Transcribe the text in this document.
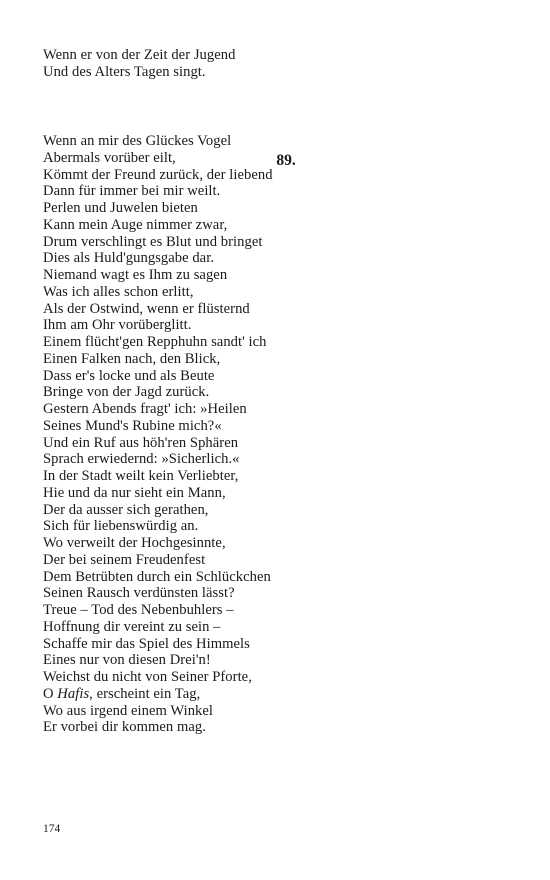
Wenn er von der Zeit der Jugend
Und des Alters Tagen singt.
89.
Wenn an mir des Glückes Vogel
Abermals vorüber eilt,
Kömmt der Freund zurück, der liebend
Dann für immer bei mir weilt.
Perlen und Juwelen bieten
Kann mein Auge nimmer zwar,
Drum verschlingt es Blut und bringet
Dies als Huld'gungsgabe dar.
Niemand wagt es Ihm zu sagen
Was ich alles schon erlitt,
Als der Ostwind, wenn er flüsternd
Ihm am Ohr vorüberglitt.
Einem flücht'gen Repphuhn sandt' ich
Einen Falken nach, den Blick,
Dass er's locke und als Beute
Bringe von der Jagd zurück.
Gestern Abends fragt' ich: »Heilen
Seines Mund's Rubine mich?«
Und ein Ruf aus höh'ren Sphären
Sprach erwiedernd: »Sicherlich.«
In der Stadt weilt kein Verliebter,
Hie und da nur sieht ein Mann,
Der da ausser sich gerathen,
Sich für liebenswürdig an.
Wo verweilt der Hochgesinnte,
Der bei seinem Freudenfest
Dem Betrübten durch ein Schlückchen
Seinen Rausch verdünsten lässt?
Treue – Tod des Nebenbuhlers –
Hoffnung dir vereint zu sein –
Schaffe mir das Spiel des Himmels
Eines nur von diesen Drei'n!
Weichst du nicht von Seiner Pforte,
O Hafis, erscheint ein Tag,
Wo aus irgend einem Winkel
Er vorbei dir kommen mag.
174
